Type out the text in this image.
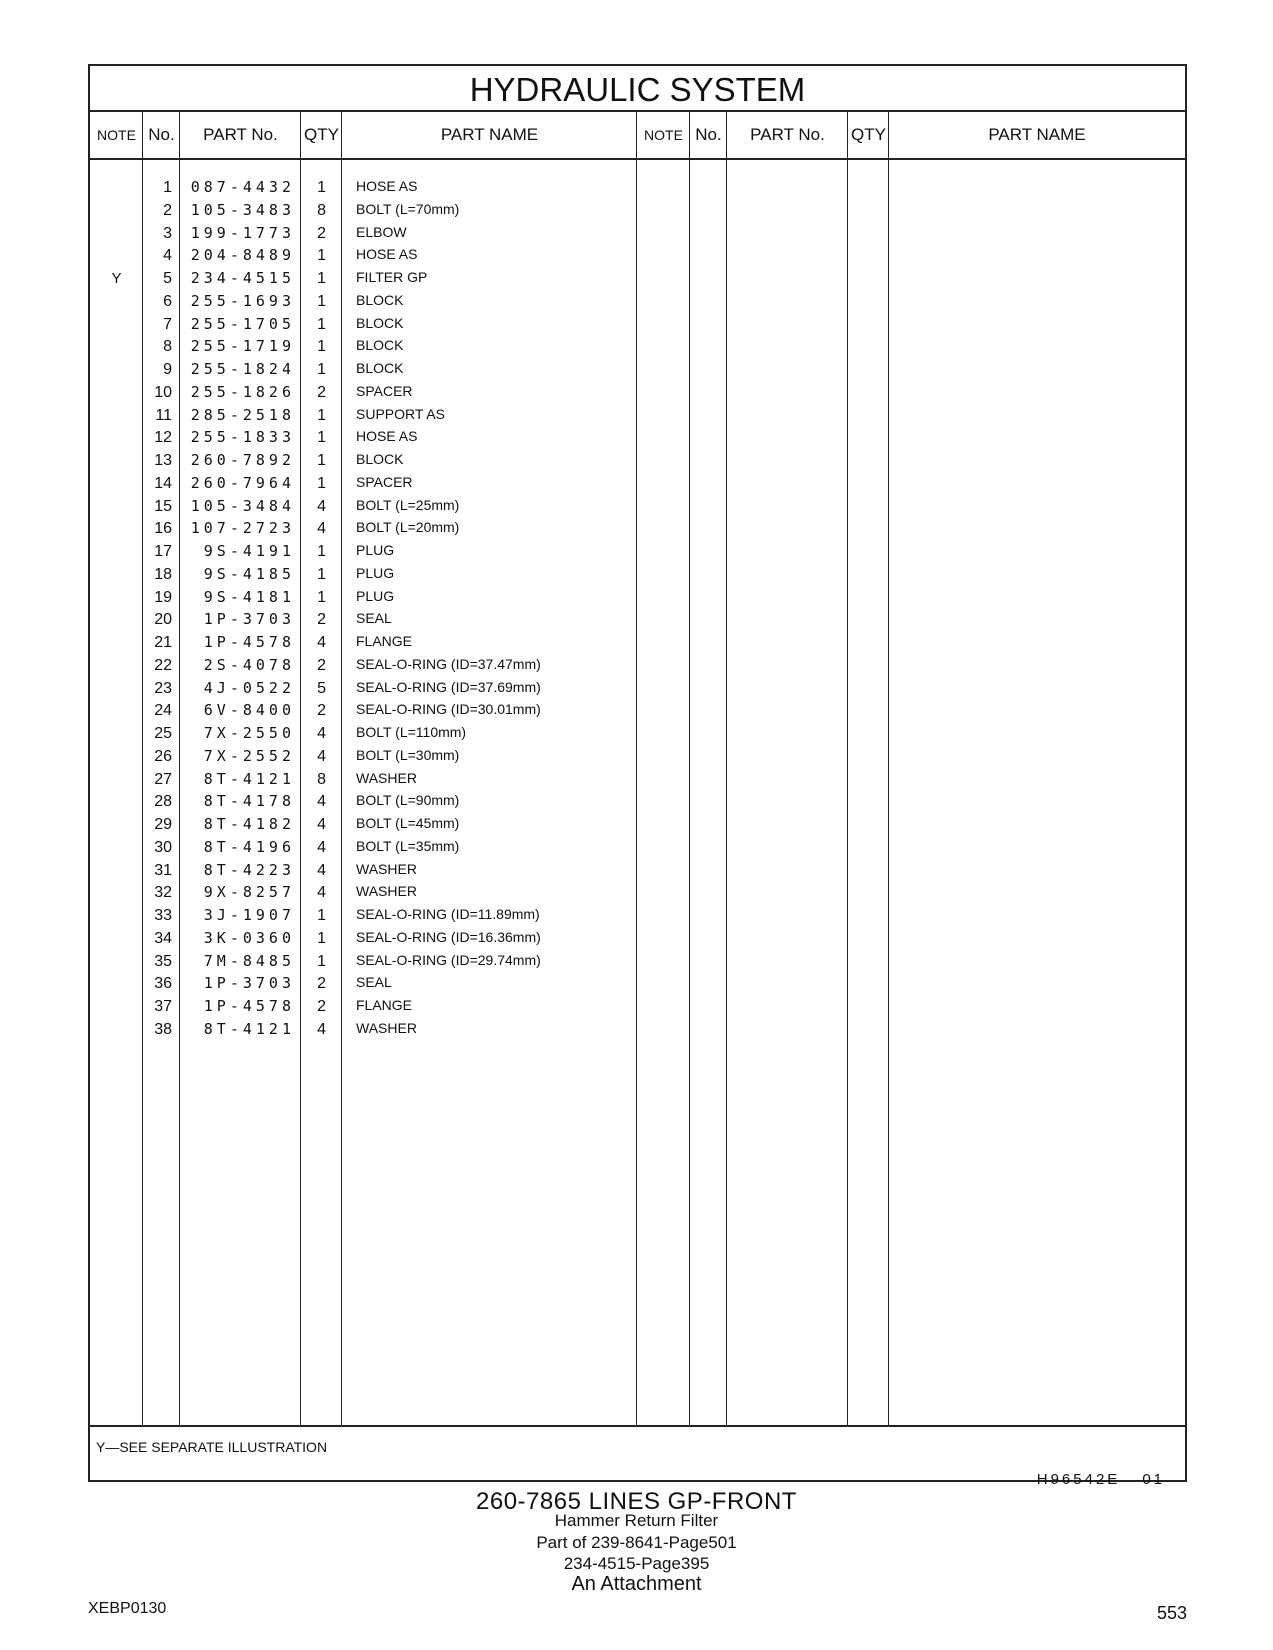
HYDRAULIC SYSTEM
NOTE No.	PART No.	QTY	PART NAME	NOTE No.	PART No.	QTY	PART NAME
1	087-4432	1 HOSE AS
2	105-3483	8 BOLT (L=70mm)
3	199-1773	2 ELBOW
4	204-8489	1 HOSE AS
Y	5	234-4515	1 FILTER GP
6	255-1693	1 BLOCK
7	255-1705	1 BLOCK
8	255-1719	1 BLOCK
9	255-1824	1 BLOCK
10	255-1826	2 SPACER
11	285-2518	1 SUPPORT AS
12	255-1833	1 HOSE AS
13	260-7892	1 BLOCK
14	260-7964	1 SPACER
15	105-3484	4 BOLT (L=25mm)
16	107-2723	4 BOLT (L=20mm)
17	9S-4191	1 PLUG
18	9S-4185	1 PLUG
19	9S-4181	1 PLUG
20	1P-3703	2 SEAL
21	1P-4578	4 FLANGE
22	2S-4078	2 SEAL-O-RING (ID=37.47mm)
23	4J-0522	5 SEAL-O-RING (ID=37.69mm)
24	6V-8400	2 SEAL-O-RING (ID=30.01mm)
25	7X-2550	4 BOLT (L=110mm)
26	7X-2552	4 BOLT (L=30mm)
27	8T-4121	8 WASHER
28	8T-4178	4 BOLT (L=90mm)
29	8T-4182	4 BOLT (L=45mm)
30	8T-4196	4 BOLT (L=35mm)
31	8T-4223	4 WASHER
32	9X-8257	4 WASHER
33	3J-1907	1 SEAL-O-RING (ID=11.89mm)
34	3K-0360	1 SEAL-O-RING (ID=16.36mm)
35	7M-8485	1 SEAL-O-RING (ID=29.74mm)
36	1P-3703	2 SEAL
37	1P-4578	2 FLANGE
38	8T-4121	4 WASHER
Y—SEE SEPARATE ILLUSTRATION
H96542E 01
260-7865 LINES GP-FRONT
Hammer Return Filter
Part of 239-8641-Page501
234-4515-Page395
An Attachment
XEBP0130	553
